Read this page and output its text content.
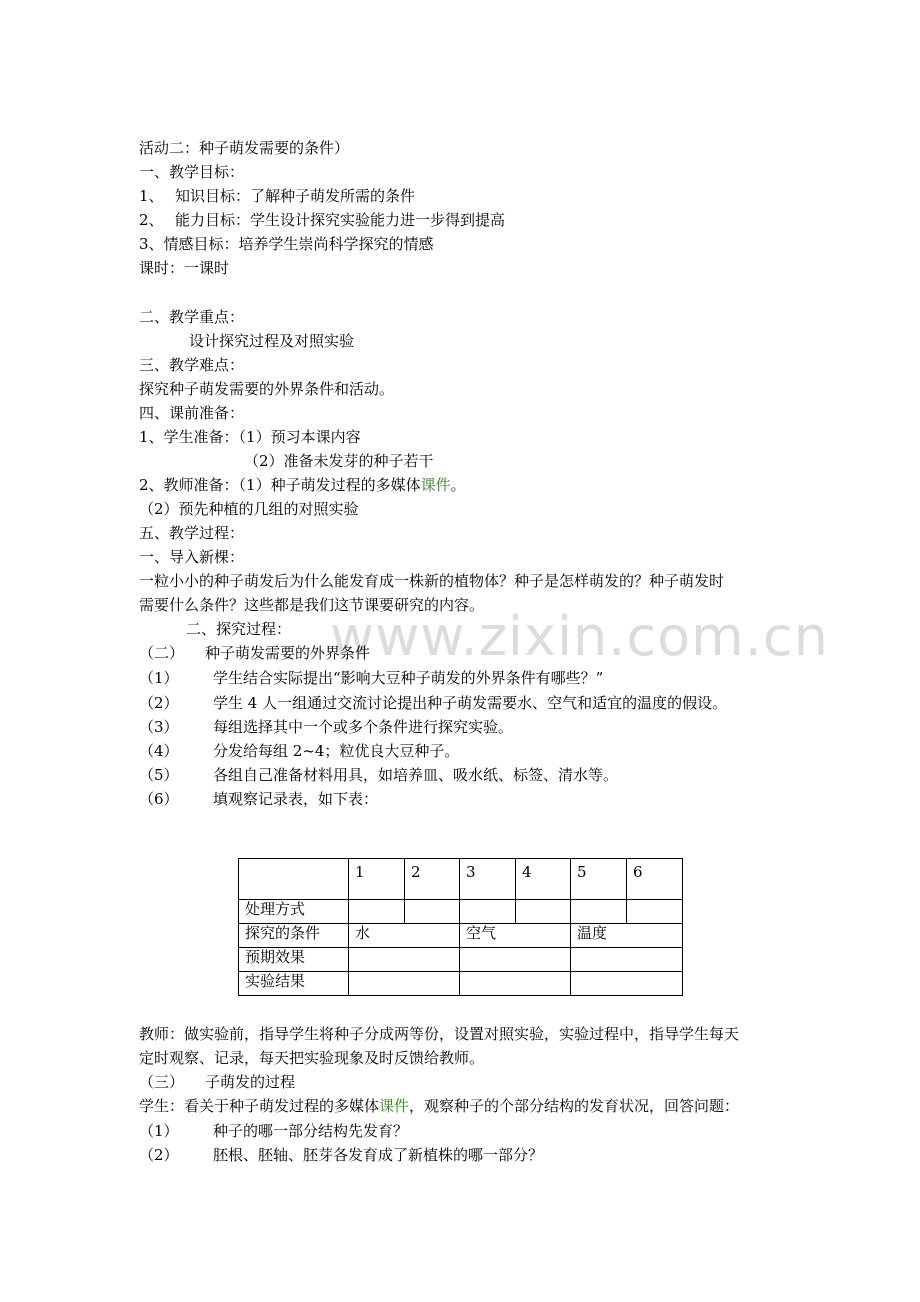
www.zixin.com.cn
活动二：种子萌发需要的条件）
一、教学目标：
1、 知识目标：了解种子萌发所需的条件
2、 能力目标：学生设计探究实验能力进一步得到提高
3、情感目标：培养学生崇尚科学探究的情感
课时：一课时
二、教学重点：
设计探究过程及对照实验
三、教学难点：
探究种子萌发需要的外界条件和活动。
四、课前准备：
1、学生准备：（1）预习本课内容
（2）准备未发芽的种子若干
2、教师准备：（1）种子萌发过程的多媒体课件。
（2）预先种植的几组的对照实验
五、教学过程：
一、导入新棵：
一粒小小的种子萌发后为什么能发育成一株新的植物体？种子是怎样萌发的？种子萌发时
需要什么条件？这些都是我们这节课要研究的内容。
二、探究过程：
（二） 种子萌发需要的外界条件
（1） 学生结合实际提出“影响大豆种子萌发的外界条件有哪些？”
（2） 学生 4 人一组通过交流讨论提出种子萌发需要水、空气和适宜的温度的假设。
（3） 每组选择其中一个或多个条件进行探究实验。
（4） 分发给每组 2~4；粒优良大豆种子。
（5） 各组自己准备材料用具，如培养皿、吸水纸、标签、清水等。
（6） 填观察记录表，如下表：
	1	2	3	4	5	6
处理方式						
探究的条件	水		空气		温度	
预期效果						
实验结果						
教师：做实验前，指导学生将种子分成两等份，设置对照实验，实验过程中，指导学生每天
定时观察、记录，每天把实验现象及时反馈给教师。
（三） 子萌发的过程
学生：看关于种子萌发过程的多媒体课件，观察种子的个部分结构的发育状况，回答问题：
（1） 种子的哪一部分结构先发育？
（2） 胚根、胚轴、胚芽各发育成了新植株的哪一部分？
